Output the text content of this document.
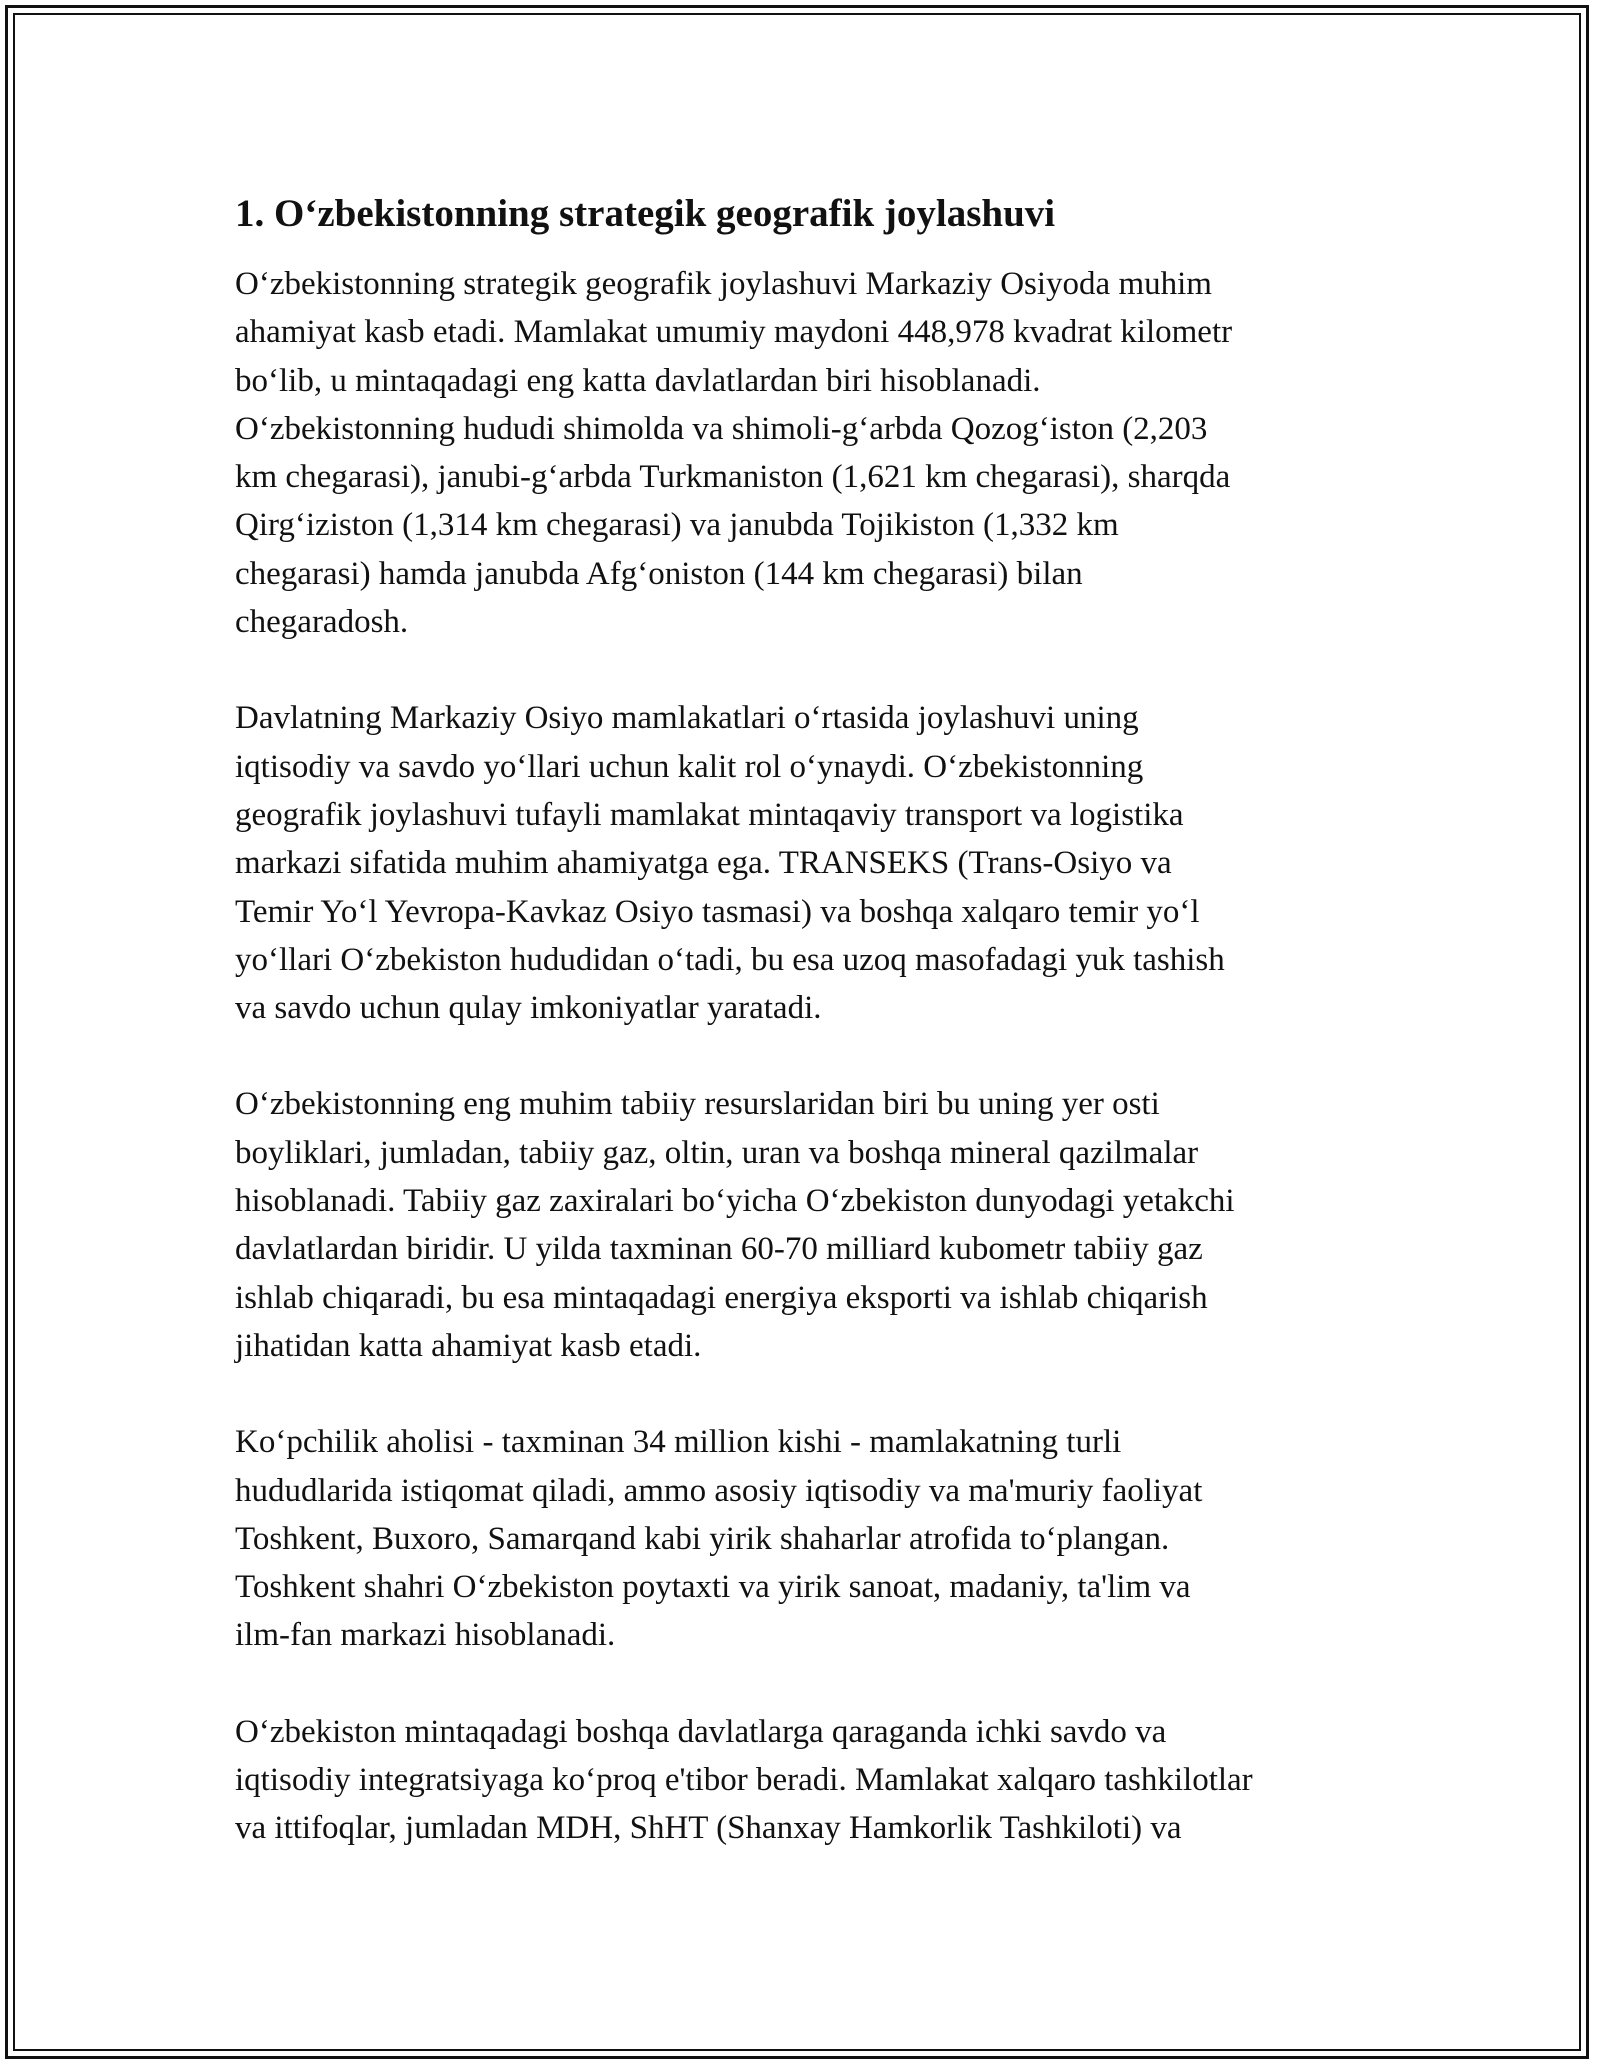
1. O‘zbekistonning strategik geografik joylashuvi

O‘zbekistonning strategik geografik joylashuvi Markaziy Osiyoda muhim
ahamiyat kasb etadi. Mamlakat umumiy maydoni 448,978 kvadrat kilometr
bo‘lib, u mintaqadagi eng katta davlatlardan biri hisoblanadi.
O‘zbekistonning hududi shimolda va shimoli-g‘arbda Qozog‘iston (2,203
km chegarasi), janubi-g‘arbda Turkmaniston (1,621 km chegarasi), sharqda
Qirg‘iziston (1,314 km chegarasi) va janubda Tojikiston (1,332 km
chegarasi) hamda janubda Afg‘oniston (144 km chegarasi) bilan
chegaradosh.

Davlatning Markaziy Osiyo mamlakatlari o‘rtasida joylashuvi uning
iqtisodiy va savdo yo‘llari uchun kalit rol o‘ynaydi. O‘zbekistonning
geografik joylashuvi tufayli mamlakat mintaqaviy transport va logistika
markazi sifatida muhim ahamiyatga ega. TRANSEKS (Trans-Osiyo va
Temir Yo‘l Yevropa-Kavkaz Osiyo tasmasi) va boshqa xalqaro temir yo‘l
yo‘llari O‘zbekiston hududidan o‘tadi, bu esa uzoq masofadagi yuk tashish
va savdo uchun qulay imkoniyatlar yaratadi.

O‘zbekistonning eng muhim tabiiy resurslaridan biri bu uning yer osti
boyliklari, jumladan, tabiiy gaz, oltin, uran va boshqa mineral qazilmalar
hisoblanadi. Tabiiy gaz zaxiralari bo‘yicha O‘zbekiston dunyodagi yetakchi
davlatlardan biridir. U yilda taxminan 60-70 milliard kubometr tabiiy gaz
ishlab chiqaradi, bu esa mintaqadagi energiya eksporti va ishlab chiqarish
jihatidan katta ahamiyat kasb etadi.

Ko‘pchilik aholisi - taxminan 34 million kishi - mamlakatning turli
hududlarida istiqomat qiladi, ammo asosiy iqtisodiy va ma'muriy faoliyat
Toshkent, Buxoro, Samarqand kabi yirik shaharlar atrofida to‘plangan.
Toshkent shahri O‘zbekiston poytaxti va yirik sanoat, madaniy, ta'lim va
ilm-fan markazi hisoblanadi.

O‘zbekiston mintaqadagi boshqa davlatlarga qaraganda ichki savdo va
iqtisodiy integratsiyaga ko‘proq e'tibor beradi. Mamlakat xalqaro tashkilotlar
va ittifoqlar, jumladan MDH, ShHT (Shanxay Hamkorlik Tashkiloti) va
